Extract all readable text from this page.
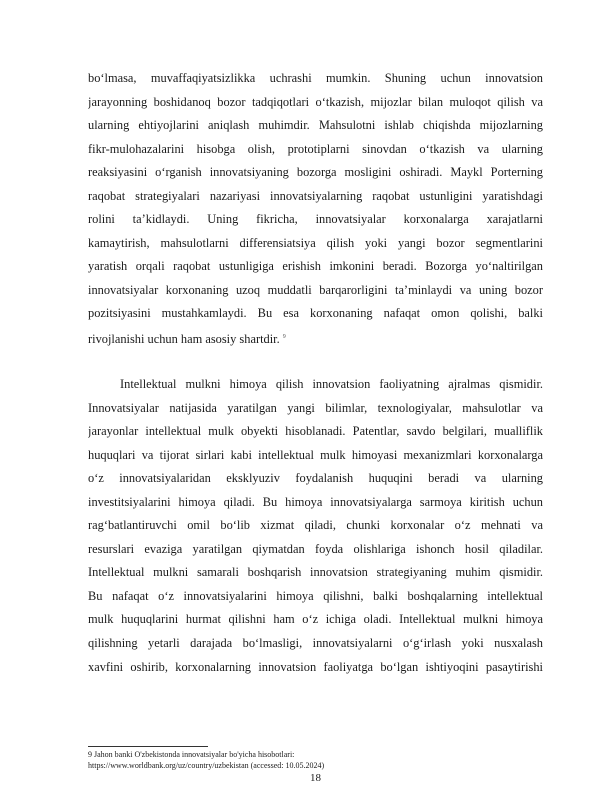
bo‘lmasa, muvaffaqiyatsizlikka uchrashi mumkin. Shuning uchun innovatsion
jarayonning boshidanoq bozor tadqiqotlari o‘tkazish, mijozlar bilan muloqot qilish va
ularning ehtiyojlarini aniqlash muhimdir. Mahsulotni ishlab chiqishda mijozlarning
fikr-mulohazalarini hisobga olish, prototiplarni sinovdan o‘tkazish va ularning
reaksiyasini o‘rganish innovatsiyaning bozorga mosligini oshiradi. Maykl Porterning
raqobat strategiyalari nazariyasi innovatsiyalarning raqobat ustunligini yaratishdagi
rolini ta’kidlaydi. Uning fikricha, innovatsiyalar korxonalarga xarajatlarni
kamaytirish, mahsulotlarni differensiatsiya qilish yoki yangi bozor segmentlarini
yaratish orqali raqobat ustunligiga erishish imkonini beradi. Bozorga yo‘naltirilgan
innovatsiyalar korxonaning uzoq muddatli barqarorligini ta’minlaydi va uning bozor
pozitsiyasini mustahkamlaydi. Bu esa korxonaning nafaqat omon qolishi, balki
rivojlanishi uchun ham asosiy shartdir. $^9$
Intellektual mulkni himoya qilish innovatsion faoliyatning ajralmas qismidir.
Innovatsiyalar natijasida yaratilgan yangi bilimlar, texnologiyalar, mahsulotlar va
jarayonlar intellektual mulk obyekti hisoblanadi. Patentlar, savdo belgilari, mualliflik
huquqlari va tijorat sirlari kabi intellektual mulk himoyasi mexanizmlari korxonalarga
o‘z innovatsiyalaridan eksklyuziv foydalanish huquqini beradi va ularning
investitsiyalarini himoya qiladi. Bu himoya innovatsiyalarga sarmoya kiritish uchun
rag‘batlantiruvchi omil bo‘lib xizmat qiladi, chunki korxonalar o‘z mehnati va
resurslari evaziga yaratilgan qiymatdan foyda olishlariga ishonch hosil qiladilar.
Intellektual mulkni samarali boshqarish innovatsion strategiyaning muhim qismidir.
Bu nafaqat o‘z innovatsiyalarini himoya qilishni, balki boshqalarning intellektual
mulk huquqlarini hurmat qilishni ham o‘z ichiga oladi. Intellektual mulkni himoya
qilishning yetarli darajada bo‘lmasligi, innovatsiyalarni o‘g‘irlash yoki nusxalash
xavfini oshirib, korxonalarning innovatsion faoliyatga bo‘lgan ishtiyoqini pasaytirishi
9 Jahon banki O'zbekistonda innovatsiyalar bo'yicha hisobotlari:
https://www.worldbank.org/uz/country/uzbekistan (accessed: 10.05.2024)
18
